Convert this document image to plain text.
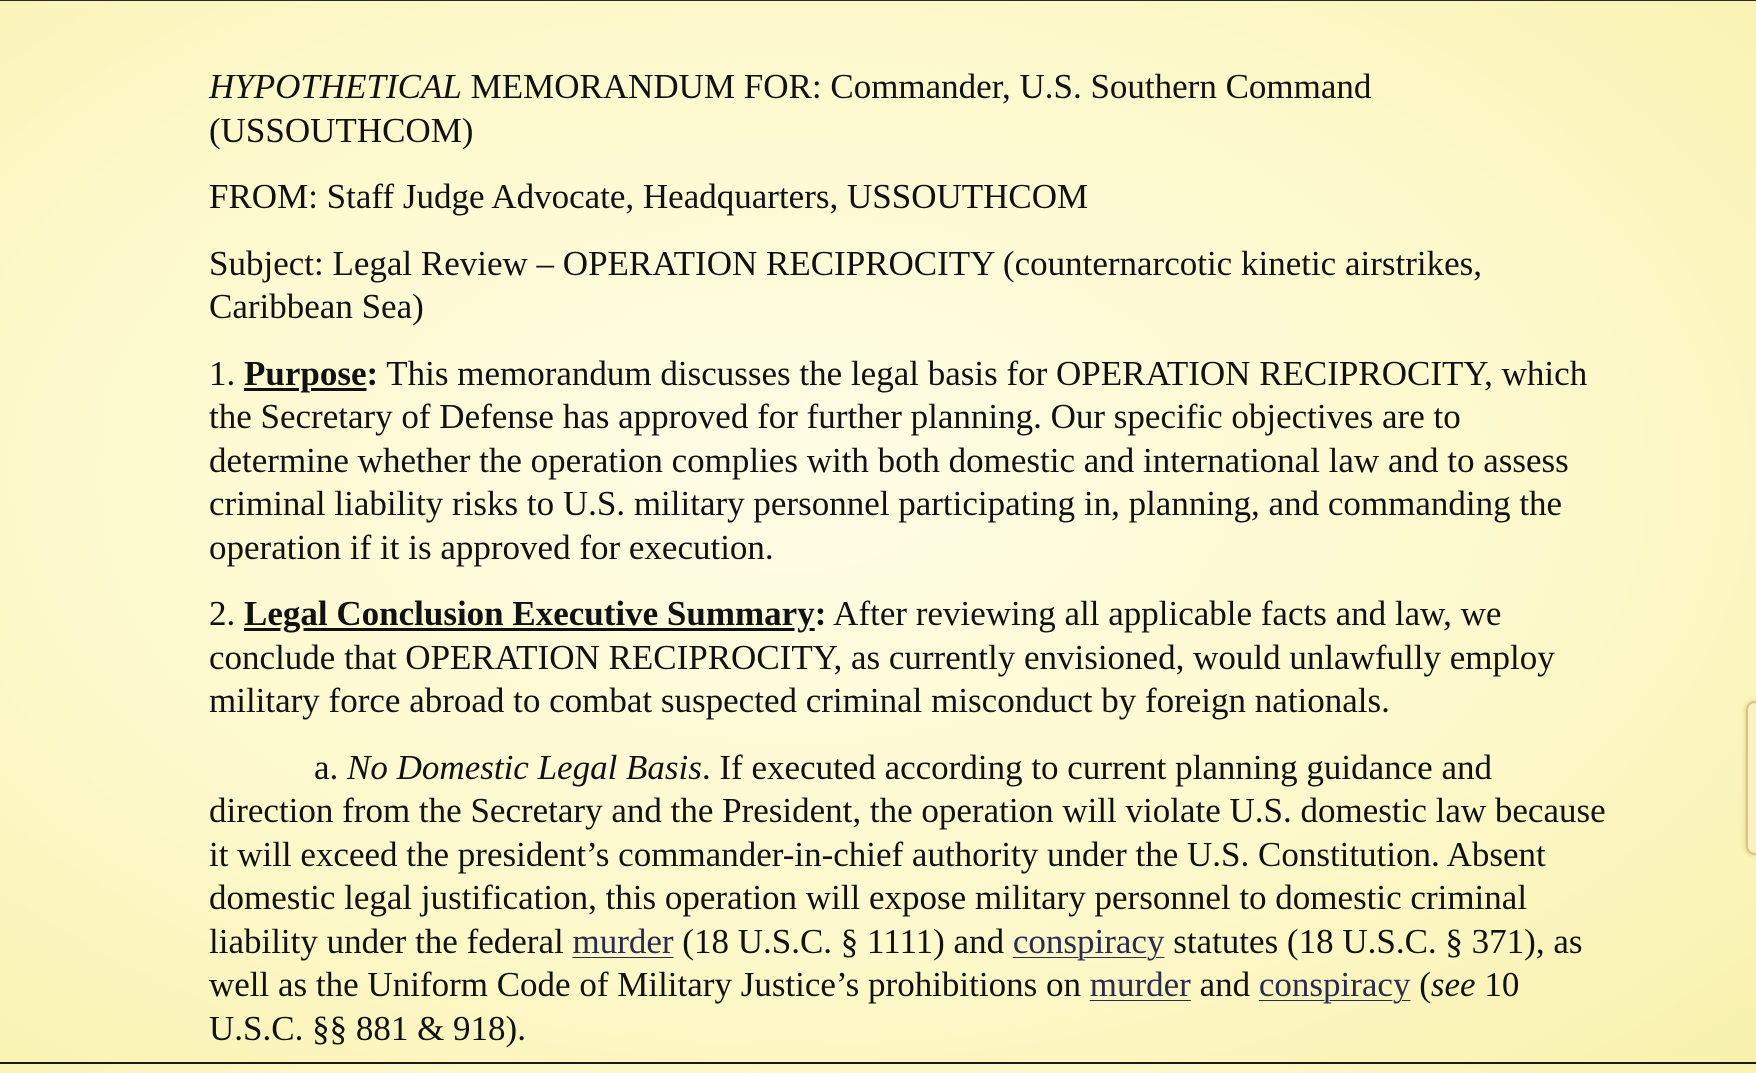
HYPOTHETICAL MEMORANDUM FOR: Commander, U.S. Southern Command (USSOUTHCOM)

FROM: Staff Judge Advocate, Headquarters, USSOUTHCOM

Subject: Legal Review – OPERATION RECIPROCITY (counternarcotic kinetic airstrikes, Caribbean Sea)

1. Purpose: This memorandum discusses the legal basis for OPERATION RECIPROCITY, which the Secretary of Defense has approved for further planning. Our specific objectives are to determine whether the operation complies with both domestic and international law and to assess criminal liability risks to U.S. military personnel participating in, planning, and commanding the operation if it is approved for execution.

2. Legal Conclusion Executive Summary: After reviewing all applicable facts and law, we conclude that OPERATION RECIPROCITY, as currently envisioned, would unlawfully employ military force abroad to combat suspected criminal misconduct by foreign nationals.

a. No Domestic Legal Basis. If executed according to current planning guidance and direction from the Secretary and the President, the operation will violate U.S. domestic law because it will exceed the president’s commander-in-chief authority under the U.S. Constitution. Absent domestic legal justification, this operation will expose military personnel to domestic criminal liability under the federal murder (18 U.S.C. § 1111) and conspiracy statutes (18 U.S.C. § 371), as well as the Uniform Code of Military Justice’s prohibitions on murder and conspiracy (see 10 U.S.C. §§ 881 & 918).
